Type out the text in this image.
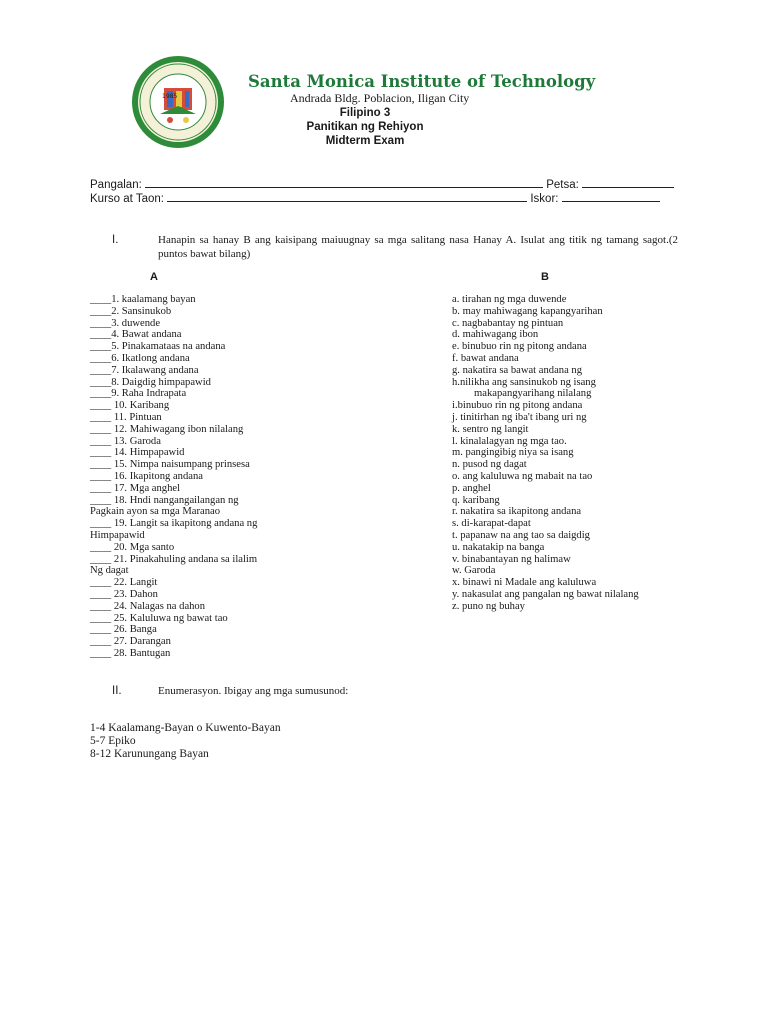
1985
Santa Monica Institute of Technology
Andrada Bldg. Poblacion, Iligan City
Filipino 3
Panitikan ng Rehiyon
Midterm Exam
Pangalan:	Petsa:
Kurso at Taon:	Iskor:
I.	Hanapin sa hanay B ang kaisipang maiuugnay sa mga salitang nasa Hanay A. Isulat ang titik ng tamang sagot.(2 puntos bawat bilang)
A	B
____1. kaalamang bayan
____2. Sansinukob
____3. duwende
____4. Bawat andana
____5. Pinakamataas na andana
____6. Ikatlong andana
____7. Ikalawang andana
____8. Daigdig himpapawid
____9. Raha Indrapata
____ 10. Karibang
____ 11. Pintuan
____ 12. Mahiwagang ibon nilalang
____ 13. Garoda
____ 14. Himpapawid
____ 15. Nimpa naisumpang prinsesa
____ 16. Ikapitong andana
____ 17. Mga anghel
____ 18. Hndi nangangailangan ng
Pagkain ayon sa mga Maranao
____ 19. Langit sa ikapitong andana ng
Himpapawid
____ 20. Mga santo
____ 21. Pinakahuling andana sa ilalim
Ng dagat
____ 22. Langit
____ 23. Dahon
____ 24. Nalagas na dahon
____ 25. Kaluluwa ng bawat tao
____ 26. Banga
____ 27. Darangan
____ 28. Bantugan
a. tirahan ng mga duwende
b. may mahiwagang kapangyarihan
c. nagbabantay ng pintuan
d. mahiwagang ibon
e. binubuo rin ng pitong andana
f. bawat andana
g. nakatira sa bawat andana ng
h.nilikha ang sansinukob ng isang
makapangyarihang nilalang
i.binubuo rin ng pitong andana
j. tinitirhan ng iba't ibang uri ng
k. sentro ng langit
l. kinalalagyan ng mga tao.
m. pangingibig niya sa isang
n. pusod ng dagat
o. ang kaluluwa ng mabait na tao
p. anghel
q. karibang
r. nakatira sa ikapitong andana
s. di-karapat-dapat
t. papanaw na ang tao sa daigdig
u. nakatakip na banga
v. binabantayan ng halimaw
w. Garoda
x. binawi ni Madale ang kaluluwa
y. nakasulat ang pangalan ng bawat nilalang
z. puno ng buhay
II.	Enumerasyon. Ibigay ang mga sumusunod:
1-4 Kaalamang-Bayan o Kuwento-Bayan
5-7 Epiko
8-12 Karunungang Bayan
